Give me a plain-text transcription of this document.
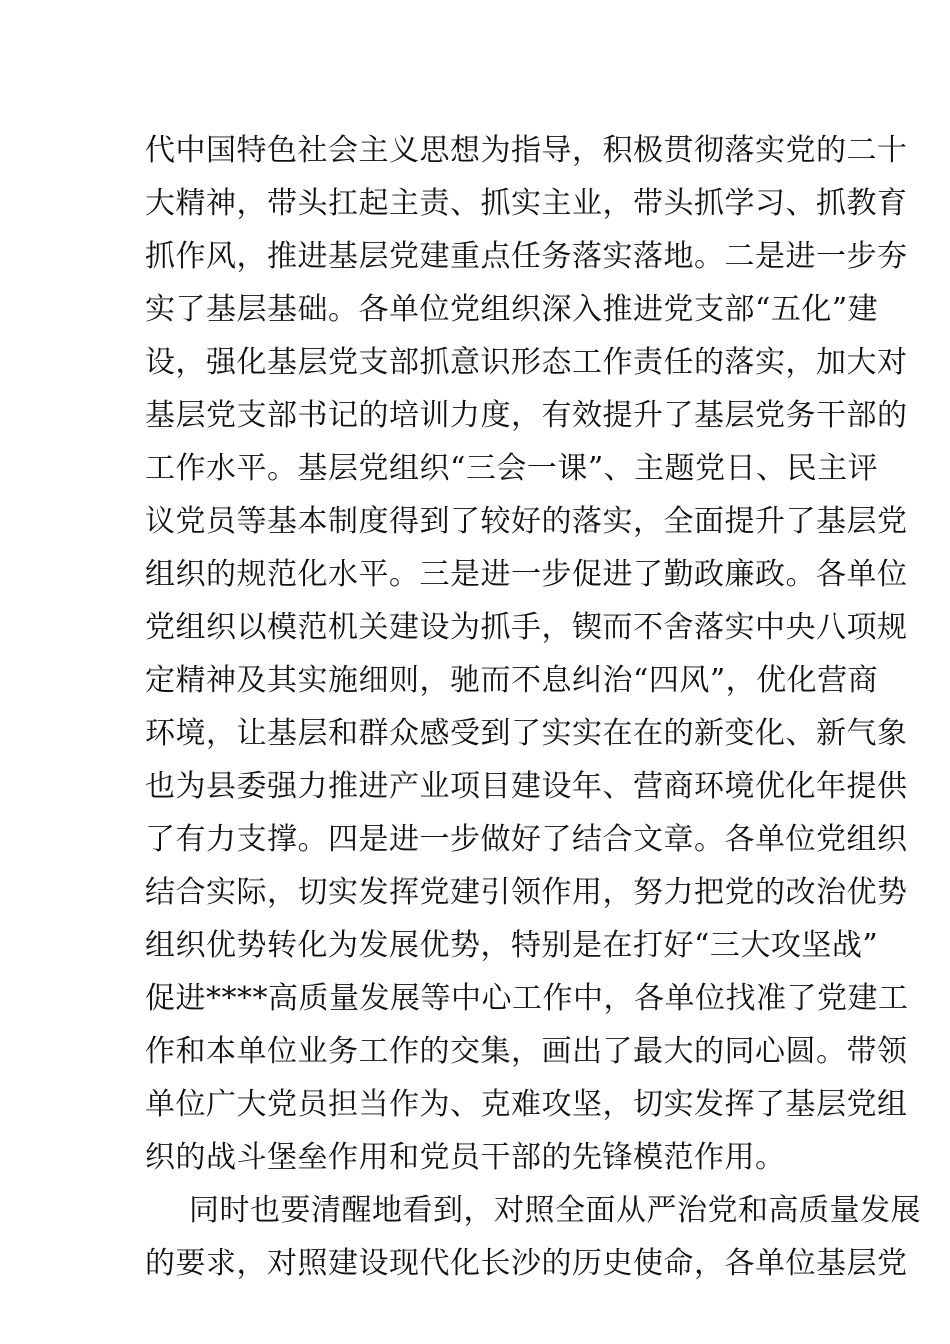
代中国特色社会主义思想为指导，积极贯彻落实党的二十
大精神，带头扛起主责、抓实主业，带头抓学习、抓教育
抓作风，推进基层党建重点任务落实落地。二是进一步夯
实了基层基础。各单位党组织深入推进党支部“五化”建
设，强化基层党支部抓意识形态工作责任的落实，加大对
基层党支部书记的培训力度，有效提升了基层党务干部的
工作水平。基层党组织“三会一课”、主题党日、民主评
议党员等基本制度得到了较好的落实，全面提升了基层党
组织的规范化水平。三是进一步促进了勤政廉政。各单位
党组织以模范机关建设为抓手，锲而不舍落实中央八项规
定精神及其实施细则，驰而不息纠治“四风”，优化营商
环境，让基层和群众感受到了实实在在的新变化、新气象
也为县委强力推进产业项目建设年、营商环境优化年提供
了有力支撑。四是进一步做好了结合文章。各单位党组织
结合实际，切实发挥党建引领作用，努力把党的改治优势
组织优势转化为发展优势，特别是在打好“三大攻坚战”
促进****高质量发展等中心工作中，各单位找准了党建工
作和本单位业务工作的交集，画出了最大的同心圆。带领
单位广大党员担当作为、克难攻坚，切实发挥了基层党组
织的战斗堡垒作用和党员干部的先锋模范作用。
同时也要清醒地看到，对照全面从严治党和高质量发展
的要求，对照建设现代化长沙的历史使命，各单位基层党
